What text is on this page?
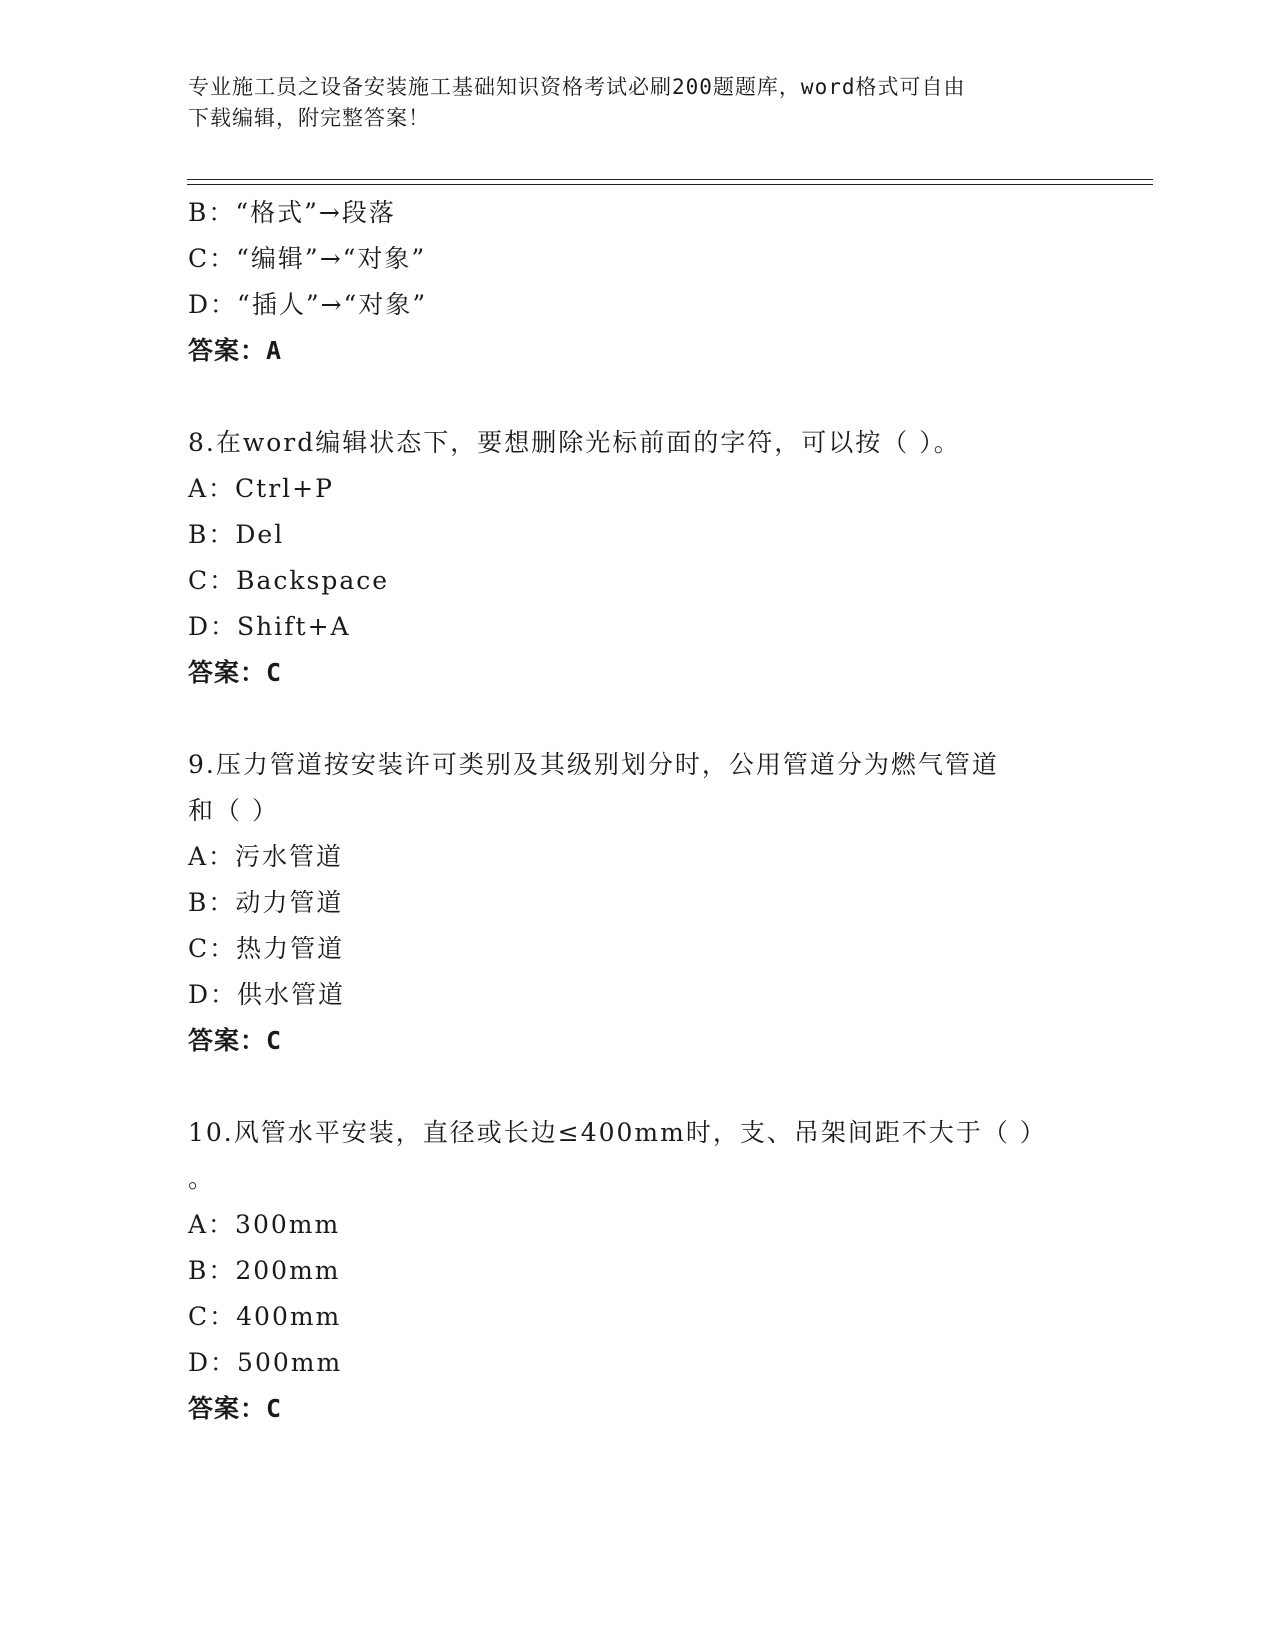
专业施工员之设备安装施工基础知识资格考试必刷200题题库，word格式可自由
下载编辑，附完整答案！
B：“格式”→段落
C：“编辑”→“对象”
D：“插人”→“对象”
答案：A
8.在word编辑状态下，要想删除光标前面的字符，可以按（ ）。
A：Ctrl+P
B：Del
C：Backspace
D：Shift+A
答案：C
9.压力管道按安装许可类别及其级别划分时，公用管道分为燃气管道
和（ ）
A：污水管道
B：动力管道
C：热力管道
D：供水管道
答案：C
10.风管水平安装，直径或长边≤400mm时，支、吊架间距不大于（ ）
。
A：300mm
B：200mm
C：400mm
D：500mm
答案：C
